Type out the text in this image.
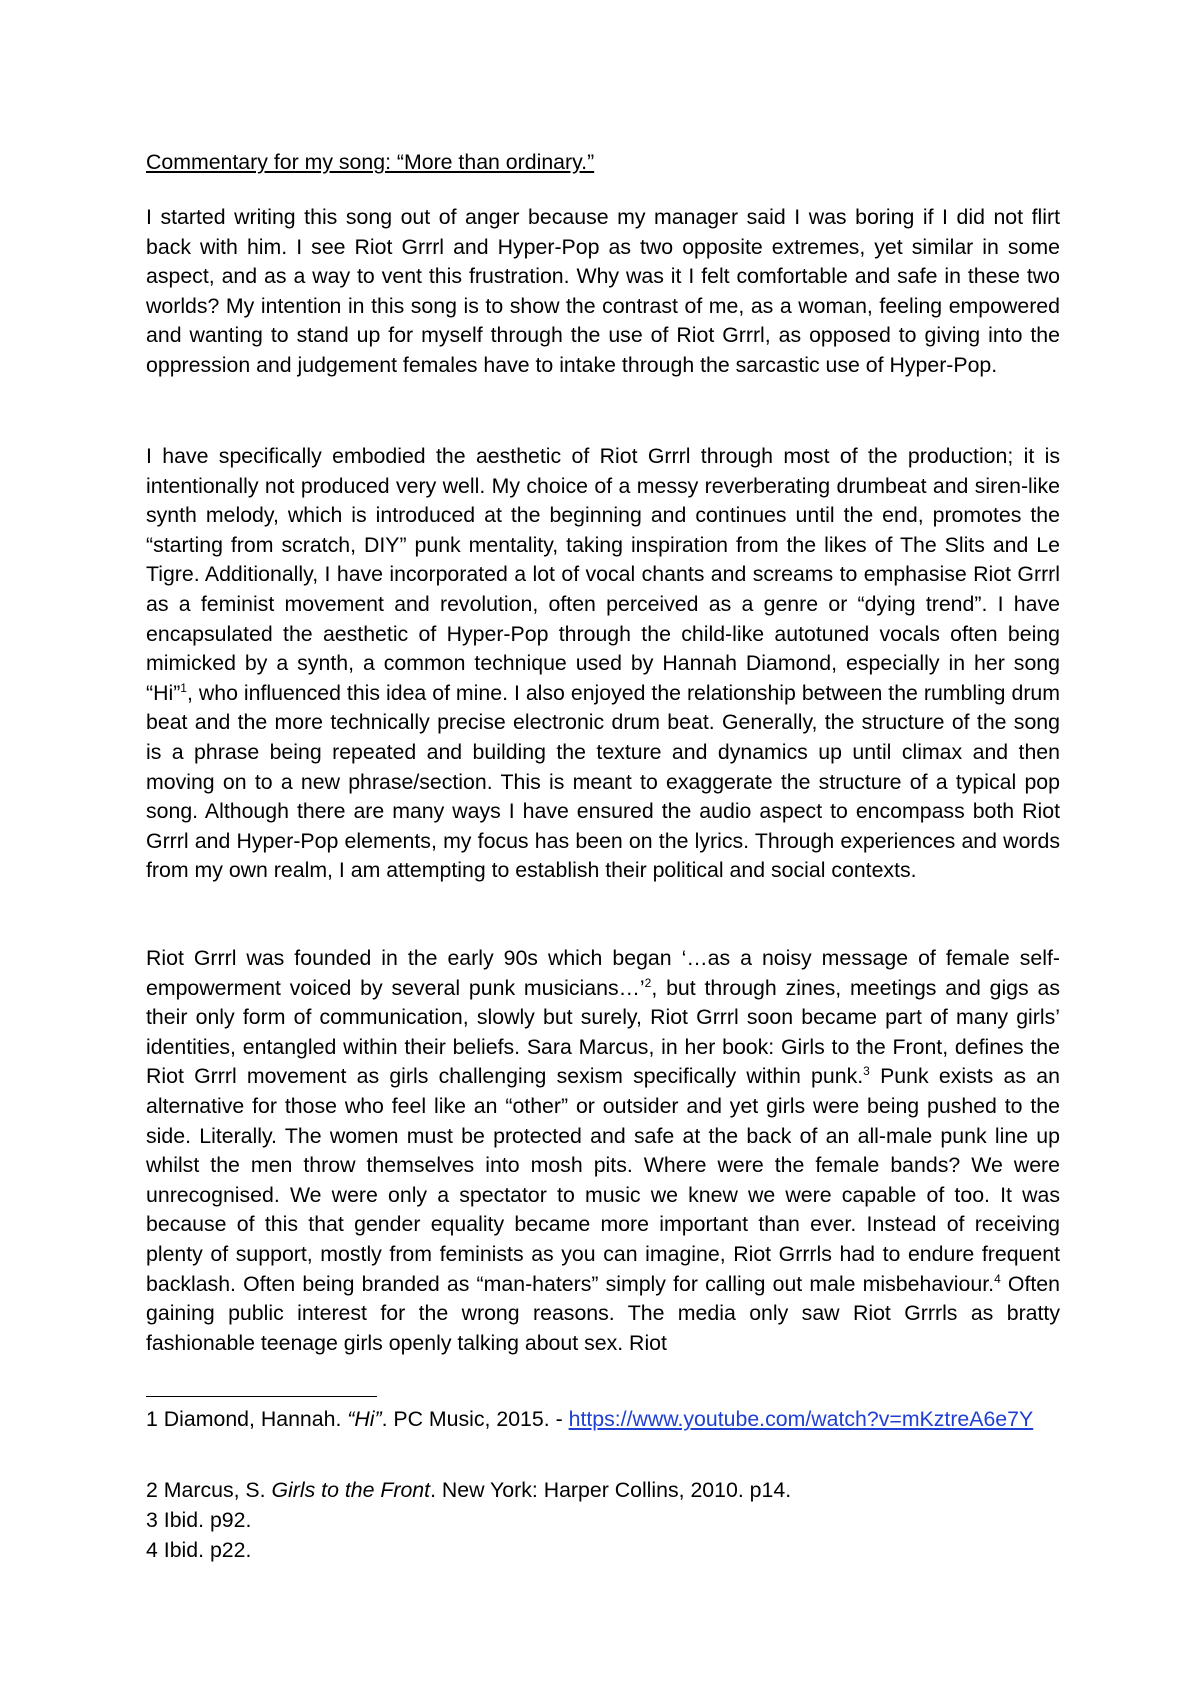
Commentary for my song: “More than ordinary.”

I started writing this song out of anger because my manager said I was boring if I did not flirt back with him. I see Riot Grrrl and Hyper-Pop as two opposite extremes, yet similar in some aspect, and as a way to vent this frustration. Why was it I felt comfortable and safe in these two worlds? My intention in this song is to show the contrast of me, as a woman, feeling empowered and wanting to stand up for myself through the use of Riot Grrrl, as opposed to giving into the oppression and judgement females have to intake through the sarcastic use of Hyper-Pop.

I have specifically embodied the aesthetic of Riot Grrrl through most of the production; it is intentionally not produced very well. My choice of a messy reverberating drumbeat and siren-like synth melody, which is introduced at the beginning and continues until the end, promotes the “starting from scratch, DIY” punk mentality, taking inspiration from the likes of The Slits and Le Tigre. Additionally, I have incorporated a lot of vocal chants and screams to emphasise Riot Grrrl as a feminist movement and revolution, often perceived as a genre or “dying trend”. I have encapsulated the aesthetic of Hyper-Pop through the child-like autotuned vocals often being mimicked by a synth, a common technique used by Hannah Diamond, especially in her song “Hi”$^1$, who influenced this idea of mine. I also enjoyed the relationship between the rumbling drum beat and the more technically precise electronic drum beat. Generally, the structure of the song is a phrase being repeated and building the texture and dynamics up until climax and then moving on to a new phrase/section. This is meant to exaggerate the structure of a typical pop song. Although there are many ways I have ensured the audio aspect to encompass both Riot Grrrl and Hyper-Pop elements, my focus has been on the lyrics. Through experiences and words from my own realm, I am attempting to establish their political and social contexts.

Riot Grrrl was founded in the early 90s which began ‘…as a noisy message of female self-empowerment voiced by several punk musicians…’$^2$, but through zines, meetings and gigs as their only form of communication, slowly but surely, Riot Grrrl soon became part of many girls’ identities, entangled within their beliefs. Sara Marcus, in her book: Girls to the Front, defines the Riot Grrrl movement as girls challenging sexism specifically within punk.$^3$ Punk exists as an alternative for those who feel like an “other” or outsider and yet girls were being pushed to the side. Literally. The women must be protected and safe at the back of an all-male punk line up whilst the men throw themselves into mosh pits. Where were the female bands? We were unrecognised. We were only a spectator to music we knew we were capable of too. It was because of this that gender equality became more important than ever. Instead of receiving plenty of support, mostly from feminists as you can imagine, Riot Grrrls had to endure frequent backlash. Often being branded as “man-haters” simply for calling out male misbehaviour.$^4$ Often gaining public interest for the wrong reasons. The media only saw Riot Grrrls as bratty fashionable teenage girls openly talking about sex. Riot

1 Diamond, Hannah. “Hi”. PC Music, 2015. - https://www.youtube.com/watch?v=mKztreA6e7Y
2 Marcus, S. Girls to the Front. New York: Harper Collins, 2010. p14.
3 Ibid. p92.
4 Ibid. p22.
